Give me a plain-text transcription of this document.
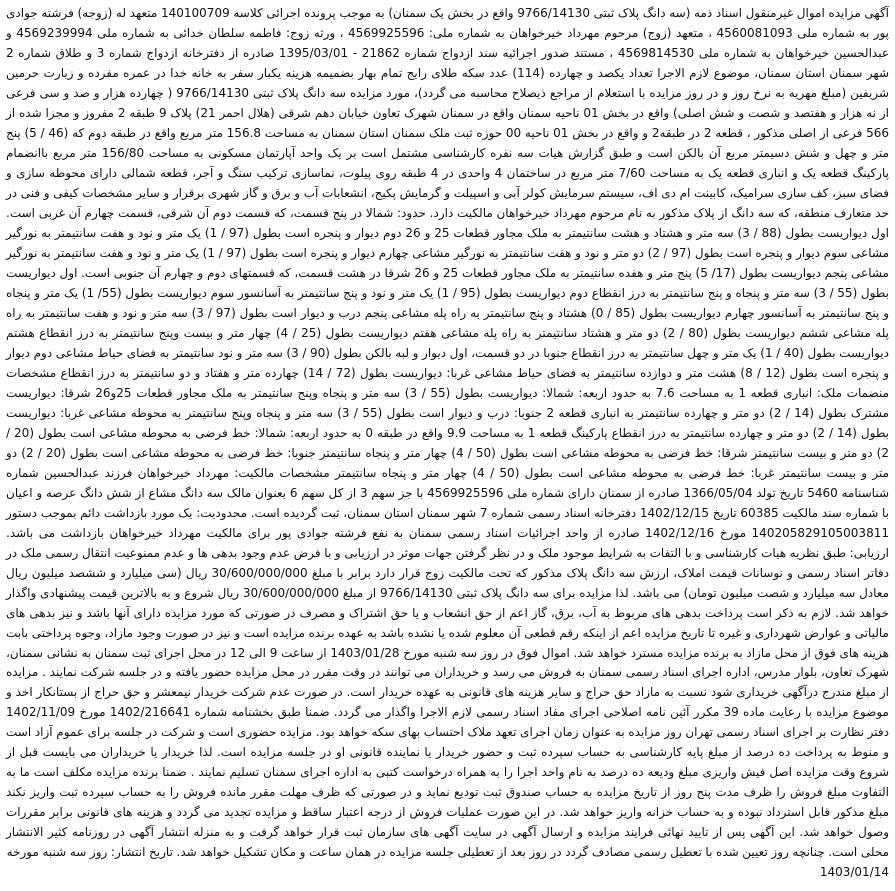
آگهی مزایده اموال غیرمنقول اسناد ذمه (سه دانگ پلاک ثبتی 9766/14130 واقع در بخش یک سمنان) به موجب پرونده اجرائی کلاسه 140100709 متعهد له (زوجه) فرشته جوادی پور به شماره ملی 4560081093 ، متعهد (زوج) مرحوم مهرداد خیرخواهان به شماره ملی: 4569925596 ، ورثه زوج: فاطمه سلطان خدائی به شماره ملی 4569239994 و عبدالحسین خیرخواهان به شماره ملی 4569814530 ، مستند صدور اجرائیه سند ازدواج شماره 21862 - 1395/03/01 صادره از دفترخانه ازدواج شماره 3 و طلاق شماره 2 شهر سمنان استان سمنان، موضوع لازم الاجرا تعداد یکصد و چهارده (114) عدد سکه طلای رایج تمام بهار بضمیمه هزینه یکبار سفر به خانه خدا در عمره مفرده و زیارت حرمین شریفین (مبلغ مهریه به نرخ روز و در روز مزایده با استعلام از مراجع ذیصلاح محاسبه می گردد)، مورد مزایده سه دانگ پلاک ثبتی 9766/14130 ( چهارده هزار و صد و سی فرعی از نه هزار و هفتصد و شصت و شش اصلی) واقع در بخش 01 ناحیه سمنان واقع در سمنان شهرک تعاون خیابان دهم شرقی (هلال احمر 21) پلاک 9 طبقه 2 مفروز و مجزا شده از 566 فرعی از اصلی مذکور ، قطعه 2 در طبقه2 و واقع در بخش 01 ناحیه 00 حوزه ثبت ملک سمنان استان سمنان به مساحت 156.8 متر مربع واقع در طبقه دوم که (46 / 5) پنج متر و چهل و شش دسیمتر مربع آن بالکن است و طبق گزارش هیات سه نفره کارشناسی مشتمل است بر یک واحد آپارتمان مسکونی به مساحت 156/80 متر مربع باانضمام پارکینگ قطعه یک و انباری قطعه یک به مساحت 7/60 متر مربع در ساختمان 4 واحدی در 4 طبقه روی پیلوت، نماسازی ترکیب سنگ و آجر، قطعه شمالی دارای محوطه سازی و فضای سبز، کف سازی سرامیک، کابینت ام دی اف، سیستم سرمایش کولر آبی و اسپیلت و گرمایش پکیج، انشعابات آب و برق و گاز شهری برقرار و سایر مشخصات کیفی و فنی در حد متعارف منطقه، که سه دانگ از پلاک مذکور به نام مرحوم مهرداد خیرخواهان مالکیت دارد. حدود: شمالا در پنج قسمت، که قسمت دوم آن شرقی، قسمت چهارم آن غربی است. اول دیواریست بطول (88 / 3) سه متر و هشتاد و هشت سانتیمتر به ملک مجاور قطعات 25 و 26 دوم دیوار و پنجره است بطول (97 / 1) یک متر و نود و هفت سانتیمتر به نورگیر مشاعی سوم دیوار و پنجره است بطول (97 / 2) دو متر و نود و هفت سانتیمتر به نورگیر مشاعی چهارم دیوار و پنجره است بطول (97 / 1) یک متر و نود و هفت سانتیمتر به نورگیر مشاعی پنجم دیواریست بطول (17/ 5) پنج متر و هفده سانتیمتر به ملک مجاور قطعات 25 و 26 شرقا در هشت قسمت، که قسمتهای دوم و چهارم آن جنوبی است. اول دیواریست بطول (55 / 3) سه متر و پنجاه و پنج سانتیمتر به درز انقطاع دوم دیواریست بطول (95 / 1) یک متر و نود و پنج سانتیمتر به آسانسور سوم دیواریست بطول (55/ 1) یک متر و پنجاه و پنج سانتیمتر به آسانسور چهارم دیواریست بطول (85 / 0) هشتاد و پنج سانتیمتر به راه پله مشاعی پنجم درب و دیوار است بطول (97 / 3) سه متر و نود و هفت سانتیمتر به راه پله مشاعی ششم دیواریست بطول (80 / 2) دو متر و هشتاد سانتیمتر به راه پله مشاعی هفتم دیواریست بطول (25 / 4) چهار متر و بیست وپنج سانتیمتر به درز انقطاع هشتم دیواریست بطول (40 / 1) یک متر و چهل سانتیمتر به درز انقطاع جنوبا در دو قسمت، اول دیوار و لبه بالکن بطول (90 / 3) سه متر و نود سانتیمتر به فضای حیاط مشاعی دوم دیوار و پنجره است بطول (12 / 8) هشت متر و دوازده سانتیمتر به فضای حیاط مشاعی غربا: دیواریست بطول (72 / 14) چهارده متر و هفتاد و دو سانتیمتر به درز انقطاع مشخصات منضمات ملک: انباری قطعه 1 به مساحت 7.6 به حدود اربعه: شمالا: دیواریست بطول (55 / 3) سه متر و پنجاه وپنج سانتیمتر به ملک مجاور قطعات 25و26 شرقا: دیواریست مشترک بطول (14 / 2) دو متر و چهارده سانتیمتر به انباری قطعه 2 جنوبا: درب و دیوار است بطول (55 / 3) سه متر و پنجاه وپنج سانتیمتر به محوطه مشاعی غربا: دیواریست بطول (14 / 2) دو متر و چهارده سانتیمتر به درز انقطاع پارکینگ قطعه 1 به مساحت 9.9 واقع در طبقه 0 به حدود اربعه: شمالا: خط فرضی به محوطه مشاعی است بطول (20 / 2) دو متر و بیست سانتیمتر شرقا: خط فرضی به محوطه مشاعی است بطول (50 / 4) چهار متر و پنجاه سانتیمتر جنوبا: خط فرضی به محوطه مشاعی است بطول (20 / 2) دو متر و بیست سانتیمتر غربا: خط فرضی به محوطه مشاعی است بطول (50 / 4) چهار متر و پنجاه سانتیمتر مشخصات مالکیت: مهرداد خیرخواهان فرزند عبدالحسین شماره شناسنامه 5460 تاریخ تولد 1366/05/04 صادره از سمنان دارای شماره ملی 4569925596 با جز سهم 3 از کل سهم 6 بعنوان مالک سه دانگ مشاع از شش دانگ عرصه و اعیان با شماره سند مالکیت 60385 تاریخ 1402/12/15 دفترخانه اسناد رسمی شماره 7 شهر سمنان استان سمنان، ثبت گردیده است. محدودیت: یک مورد بازداشت دائم بموجب دستور 140205829105003811 مورخ 1402/12/16 صادره از واحد اجرائیات اسناد رسمی سمنان به نفع فرشته جوادی پور برای مالکیت مهرداد خیرخواهان بازداشت می باشد. ارزیابی: طبق نظریه هیات کارشناسی و با التفات به شرایط موجود ملک و در نظر گرفتن جهات موثر در ارزیابی و با فرض عدم وجود بدهی ها و عدم ممنوعیت انتقال رسمی ملک در دفاتر اسناد رسمی و نوسانات قیمت املاک، ارزش سه دانگ پلاک مذکور که تحت مالکیت زوج قرار دارد برابر با مبلغ 30/600/000/000 ریال (سی میلیارد و ششصد میلیون ریال معادل سه میلیارد و شصت میلیون تومان) می باشد. لذا مزایده برای سه دانگ پلاک ثبتی 9766/14130 از مبلغ 30/600/000/000 ریال شروع و به بالاترین قیمت پیشنهادی واگذار خواهد شد. لازم به ذکر است پرداخت بدهی های مربوط به آب، برق، گاز اعم از حق انشعاب و یا حق اشتراک و مصرف در صورتی که مورد مزایده دارای آنها باشد و نیز بدهی های مالیاتی و عوارض شهرداری و غیره تا تاریخ مزایده اعم از اینکه رقم قطعی آن معلوم شده یا نشده باشد به عهده برنده مزایده است و نیز در صورت وجود مازاد، وجوه پرداختی بابت هزینه های فوق از محل مازاد به برنده مزایده مسترد خواهد شد. اموال فوق در روز سه شنبه مورخ 1403/01/28 از ساعت 9 الی 12 در محل اجرای ثبت سمنان به نشانی سمنان، شهرک تعاون، بلوار مدرس، اداره اجرای اسناد رسمی سمنان به فروش می رسد و خریداران می توانند در وقت مقرر در محل مزایده حضور یافته و در جلسه شرکت نمایند . مزایده از مبلغ مندرج درآگهی خریداری شود نسبت به مازاد حق حراج و سایر هزینه های قانونی به عهده خریدار است. در صورت عدم شرکت خریدار نیمعشر و حق حراج از بستانکار اخذ و موضوع مزایده با رعایت ماده 39 مکرر آئین نامه اصلاحی اجرای مفاد اسناد رسمی لازم الاجرا واگذار می گردد. ضمنا طبق بخشنامه شماره 1402/216641 مورخ 1402/11/09 دفتر نظارت بر اجرای اسناد رسمی تهران روز مزایده به عنوان زمان اجرای تعهد ملاک احتساب بهای سکه خواهد بود. مزایده حضوری است و شرکت در جلسه برای عموم آزاد است و منوط به پرداخت ده درصد از مبلغ پایه کارشناسی به حساب سپرده ثبت و حضور خریدار یا نماینده قانونی او در جلسه مزایده است. لذا خریدار یا خریداران می بایست قبل از شروع وقت مزایده اصل فیش واریزی مبلغ ودیعه ده درصد به نام واحد اجرا را به همراه درخواست کتبی به اداره اجرای سمنان تسلیم نمایند . ضمنا برنده مزایده مکلف است ما به التفاوت مبلغ فروش را ظرف مدت پنج روز از تاریخ مزایده به حساب صندوق ثبت تودیع نماید و در صورتی که ظرف مهلت مقرر مانده فروش را به حساب سپرده ثبت واریز نکند مبلغ مذکور قابل استرداد نبوده و به حساب خزانه واریز خواهد شد. در این صورت عملیات فروش از درجه اعتبار ساقط و مزایده تجدید می گردد و هزینه های قانونی برابر مقررات وصول خواهد شد. این آگهی پس از تایید نهائی فرایند مزایده و ارسال آگهی در سایت آگهی های سازمان ثبت قرار خواهد گرفت و به منزله انتشار آگهی در روزنامه کثیر الانتشار محلی است. چنانچه روز تعیین شده با تعطیل رسمی مصادف گردد در روز بعد از تعطیلی جلسه مزایده در همان ساعت و مکان تشکیل خواهد شد. تاریخ انتشار: روز سه شنبه مورخه

1403/01/14
